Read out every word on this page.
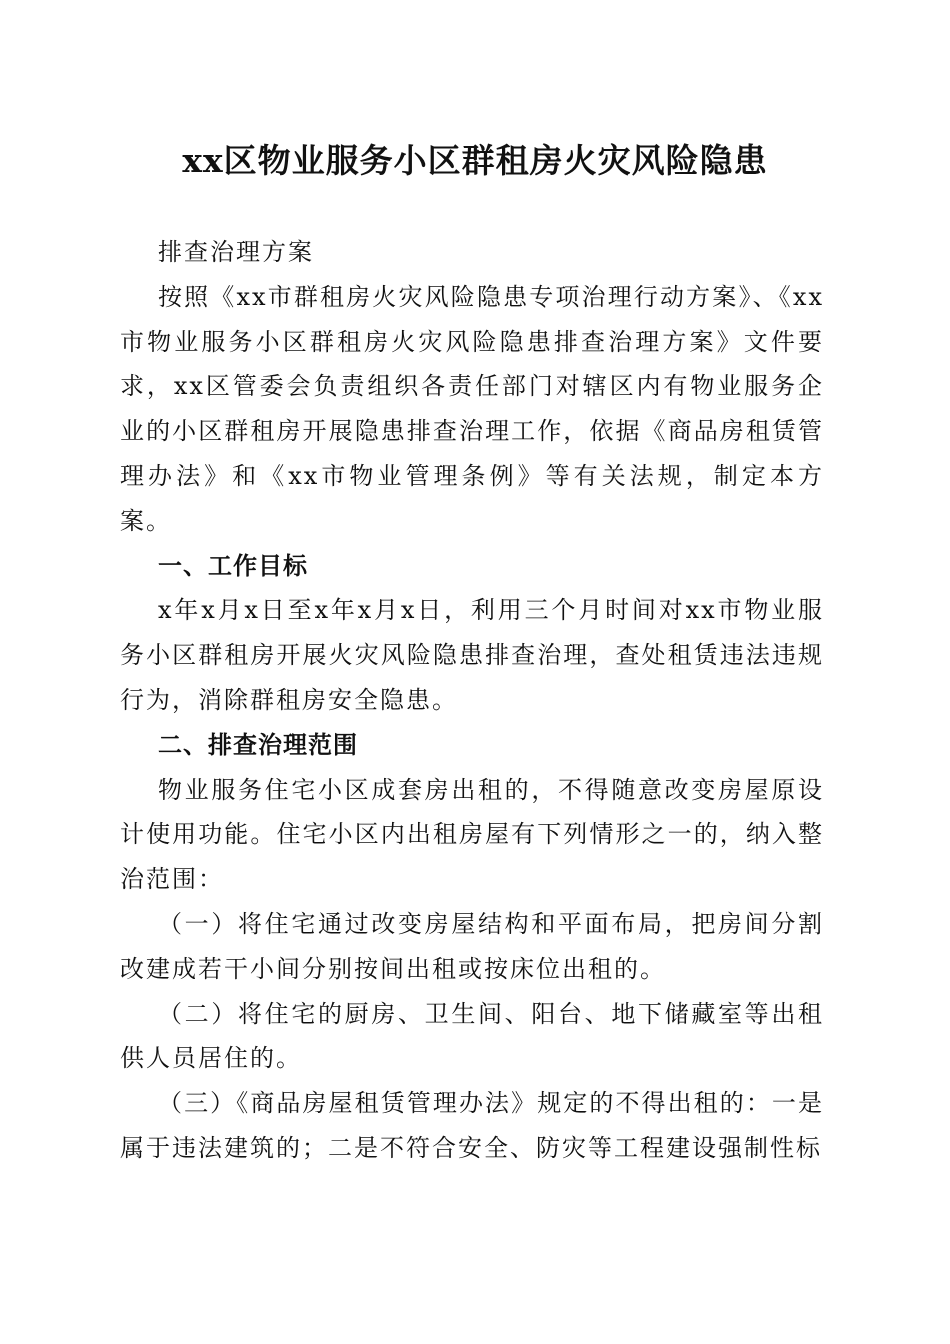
xx区物业服务小区群租房火灾风险隐患

排查治理方案

按照《xx市群租房火灾风险隐患专项治理行动方案》、《xx市物业服务小区群租房火灾风险隐患排查治理方案》文件要求，xx区管委会负责组织各责任部门对辖区内有物业服务企业的小区群租房开展隐患排查治理工作，依据《商品房租赁管理办法》和《xx市物业管理条例》等有关法规，制定本方案。

一、工作目标

x年x月x日至x年x月x日，利用三个月时间对xx市物业服务小区群租房开展火灾风险隐患排查治理，查处租赁违法违规行为，消除群租房安全隐患。

二、排查治理范围

物业服务住宅小区成套房出租的，不得随意改变房屋原设计使用功能。住宅小区内出租房屋有下列情形之一的，纳入整治范围：

（一）将住宅通过改变房屋结构和平面布局，把房间分割改建成若干小间分别按间出租或按床位出租的。

（二）将住宅的厨房、卫生间、阳台、地下储藏室等出租供人员居住的。

（三）《商品房屋租赁管理办法》规定的不得出租的：一是属于违法建筑的；二是不符合安全、防灾等工程建设强制性标
